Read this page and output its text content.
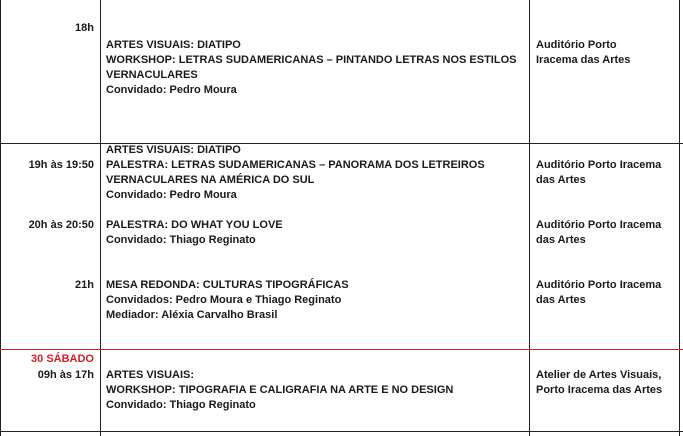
18h
ARTES VISUAIS: DIATIPO
WORKSHOP: LETRAS SUDAMERICANAS – PINTANDO LETRAS NOS ESTILOS
VERNACULARES
Convidado: Pedro Moura
Auditório Porto
Iracema das Artes
19h às 19:50
ARTES VISUAIS: DIATIPO
PALESTRA: LETRAS SUDAMERICANAS – PANORAMA DOS LETREIROS
VERNACULARES NA AMÉRICA DO SUL
Convidado: Pedro Moura
Auditório Porto Iracema
das Artes
20h às 20:50 PALESTRA: DO WHAT YOU LOVE
Convidado: Thiago Reginato
Auditório Porto Iracema
das Artes
21h MESA REDONDA: CULTURAS TIPOGRÁFICAS
Convidados: Pedro Moura e Thiago Reginato
Mediador: Aléxia Carvalho Brasil
Auditório Porto Iracema
das Artes
30 SÁBADO
09h às 17h ARTES VISUAIS:
WORKSHOP: TIPOGRAFIA E CALIGRAFIA NA ARTE E NO DESIGN
Convidado: Thiago Reginato
Atelier de Artes Visuais,
Porto Iracema das Artes
